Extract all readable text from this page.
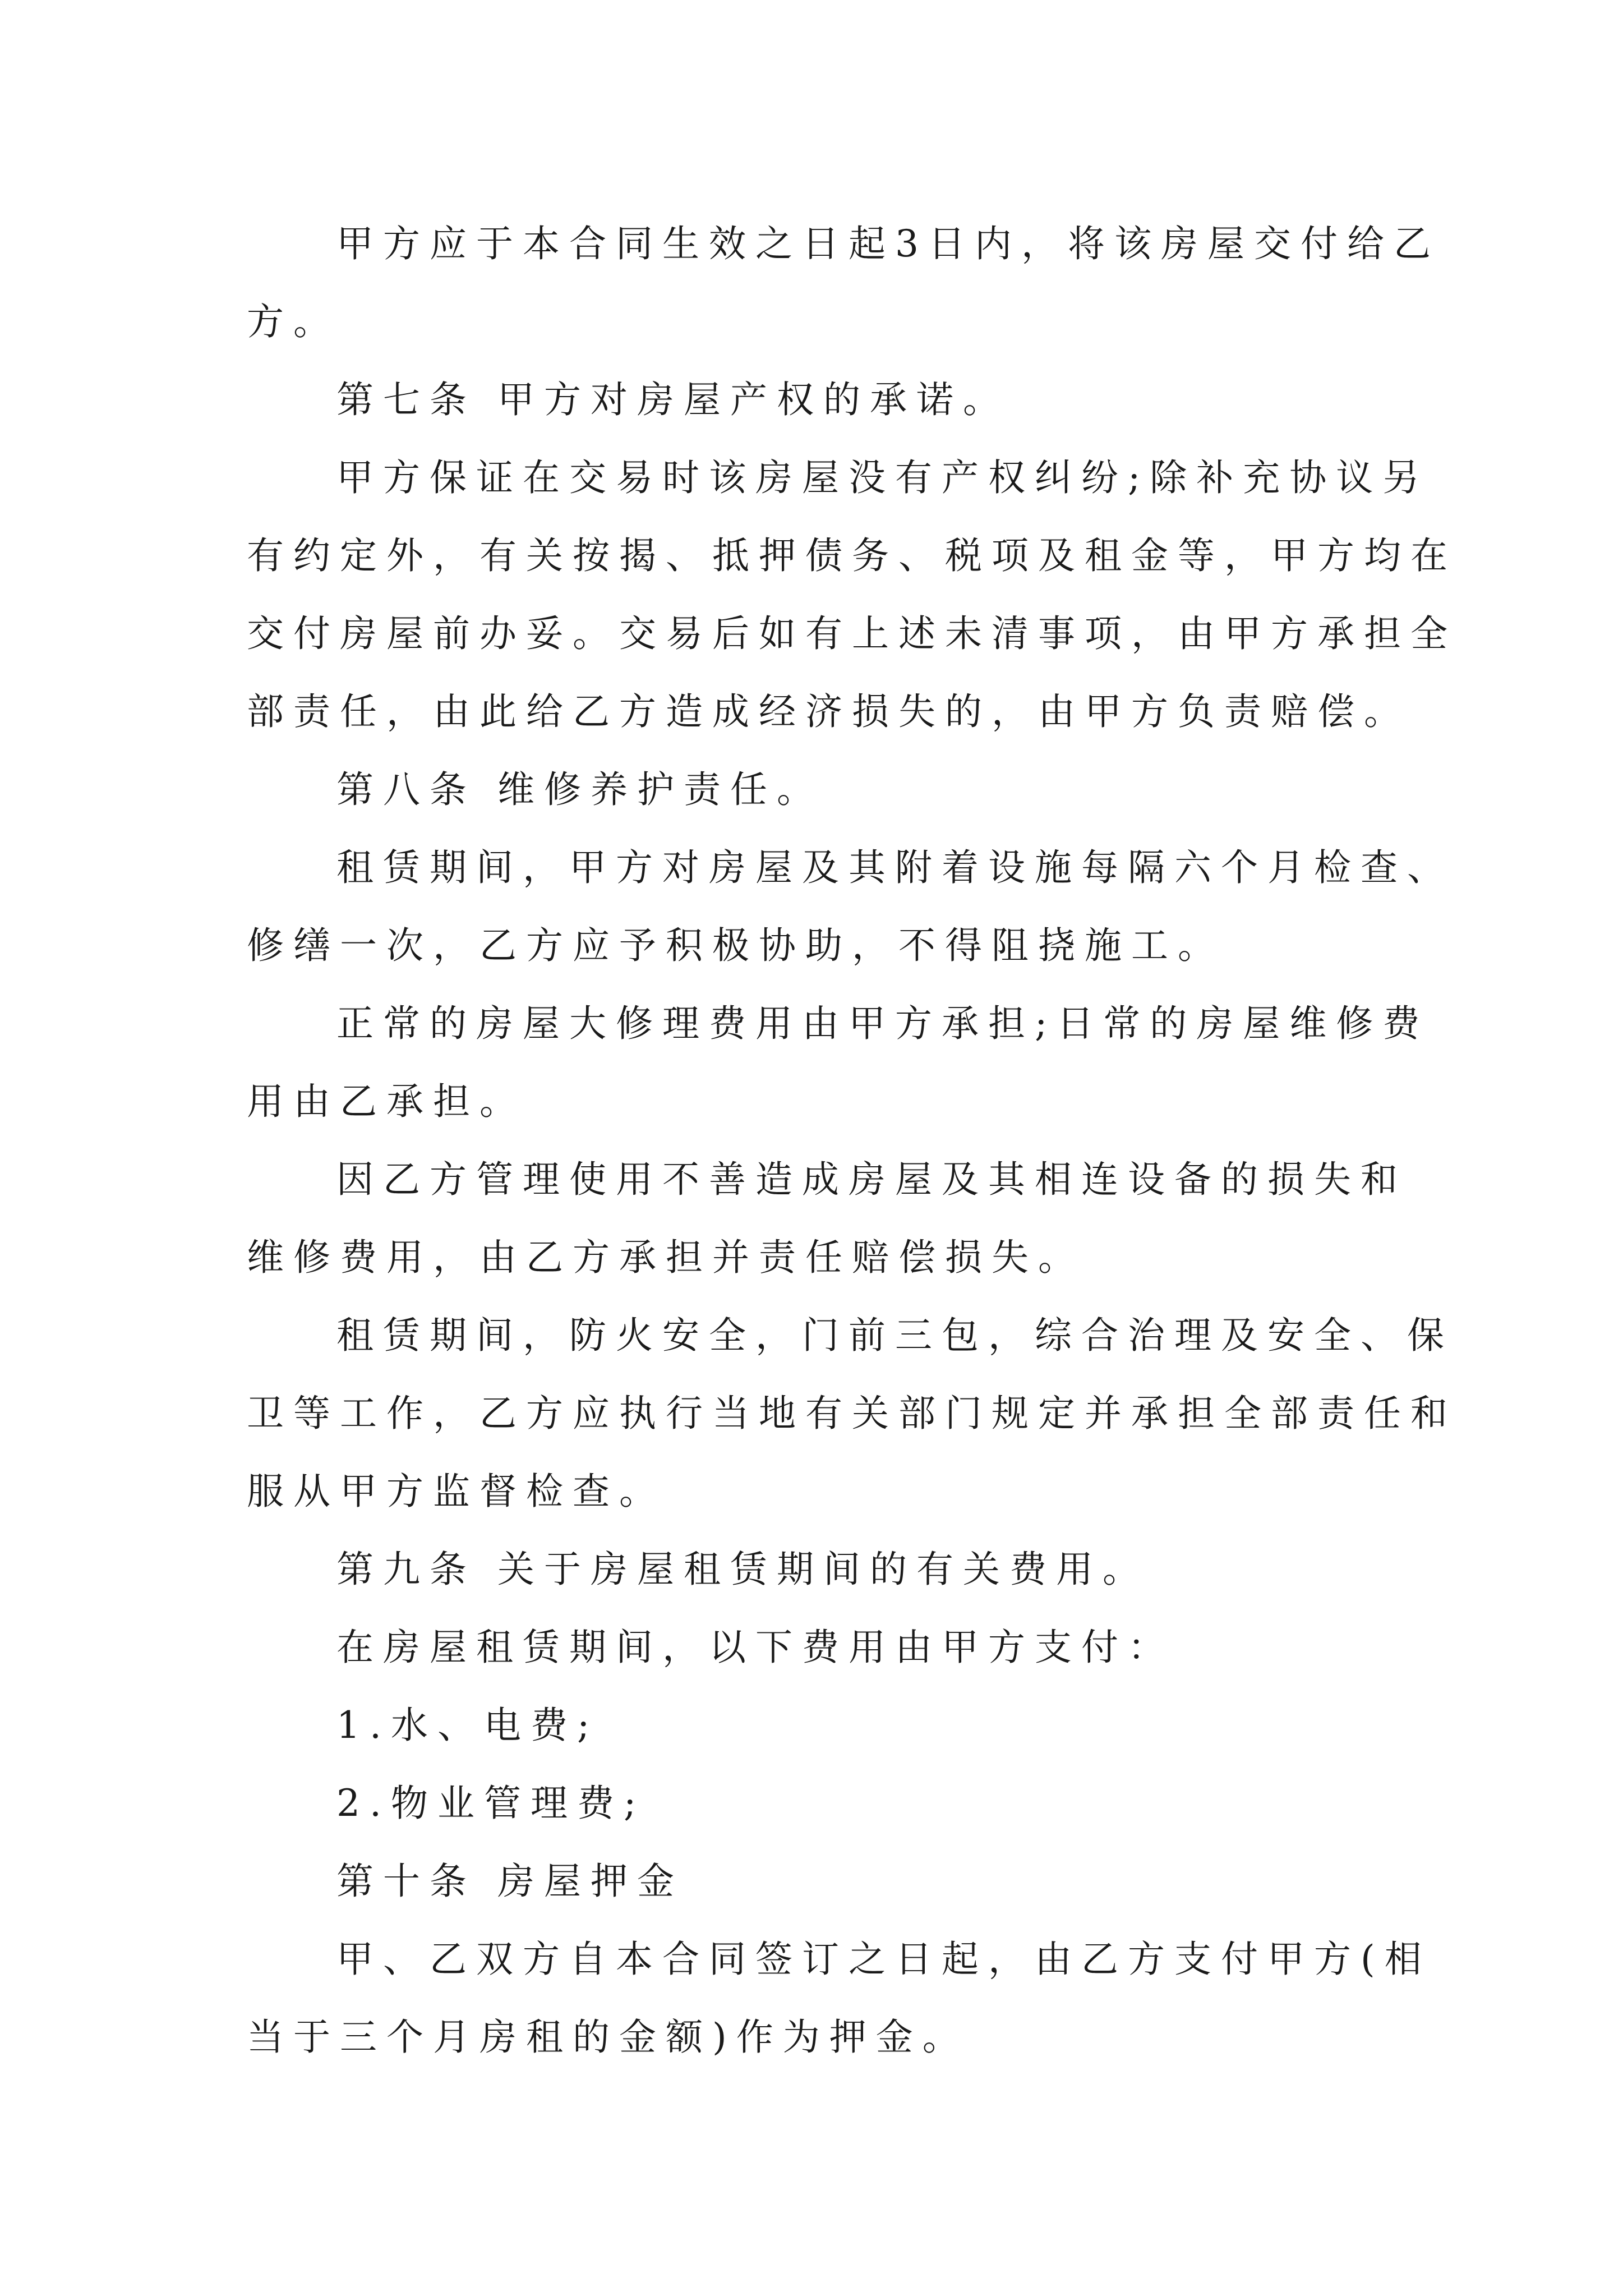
甲方应于本合同生效之日起3日内，将该房屋交付给乙
方。
第七条 甲方对房屋产权的承诺。
甲方保证在交易时该房屋没有产权纠纷;除补充协议另
有约定外，有关按揭、抵押债务、税项及租金等，甲方均在
交付房屋前办妥。交易后如有上述未清事项，由甲方承担全
部责任，由此给乙方造成经济损失的，由甲方负责赔偿。
第八条 维修养护责任。
租赁期间，甲方对房屋及其附着设施每隔六个月检查、
修缮一次，乙方应予积极协助，不得阻挠施工。
正常的房屋大修理费用由甲方承担;日常的房屋维修费
用由乙承担。
因乙方管理使用不善造成房屋及其相连设备的损失和
维修费用，由乙方承担并责任赔偿损失。
租赁期间，防火安全，门前三包，综合治理及安全、保
卫等工作，乙方应执行当地有关部门规定并承担全部责任和
服从甲方监督检查。
第九条 关于房屋租赁期间的有关费用。
在房屋租赁期间，以下费用由甲方支付：
1.水、电费;
2.物业管理费;
第十条 房屋押金
甲、乙双方自本合同签订之日起，由乙方支付甲方(相
当于三个月房租的金额)作为押金。
